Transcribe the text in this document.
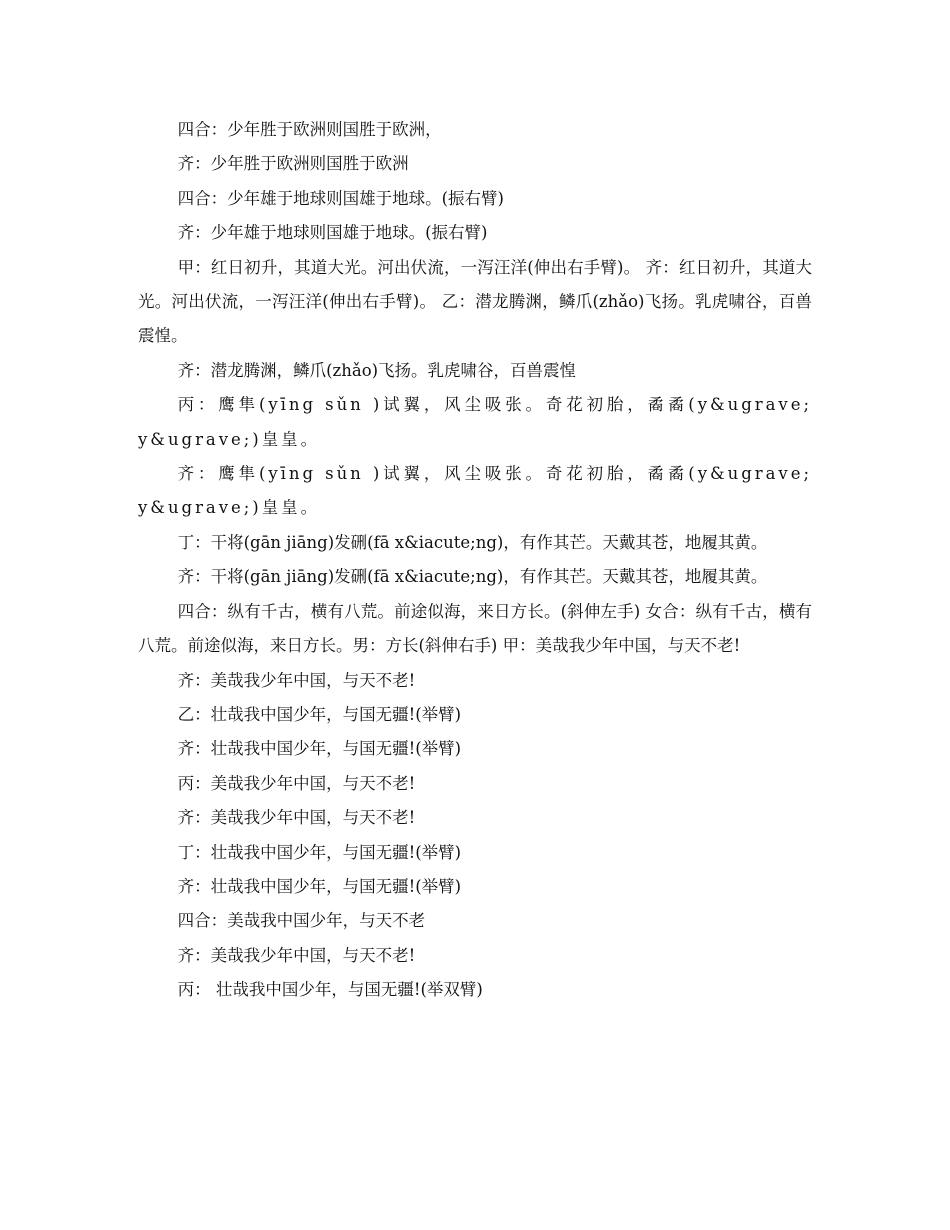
四合：少年胜于欧洲则国胜于欧洲，

齐：少年胜于欧洲则国胜于欧洲

四合：少年雄于地球则国雄于地球。(振右臂)

齐：少年雄于地球则国雄于地球。(振右臂)

甲：红日初升，其道大光。河出伏流，一泻汪洋(伸出右手臂)。 齐：红日初升，其道大光。河出伏流，一泻汪洋(伸出右手臂)。 乙：潜龙腾渊，鳞爪(zhǎo)飞扬。乳虎啸谷，百兽震惶。

齐：潜龙腾渊，鳞爪(zhǎo)飞扬。乳虎啸谷，百兽震惶

丙：鹰隼(yīng sǔn )试翼，风尘吸张。奇花初胎，矞矞(y&ugrave; y&ugrave;)皇皇。

齐：鹰隼(yīng sǔn )试翼，风尘吸张。奇花初胎，矞矞(y&ugrave; y&ugrave;)皇皇。

丁：干将(gān jiāng)发硎(fā x&iacute;ng)，有作其芒。天戴其苍，地履其黄。

齐：干将(gān jiāng)发硎(fā x&iacute;ng)，有作其芒。天戴其苍，地履其黄。

四合：纵有千古，横有八荒。前途似海，来日方长。(斜伸左手) 女合：纵有千古，横有八荒。前途似海，来日方长。男：方长(斜伸右手) 甲：美哉我少年中国，与天不老!

齐：美哉我少年中国，与天不老!

乙：壮哉我中国少年，与国无疆!(举臂)

齐：壮哉我中国少年，与国无疆!(举臂)

丙：美哉我少年中国，与天不老!

齐：美哉我少年中国，与天不老!

丁：壮哉我中国少年，与国无疆!(举臂)

齐：壮哉我中国少年，与国无疆!(举臂)

四合：美哉我中国少年，与天不老

齐：美哉我少年中国，与天不老!

丙： 壮哉我中国少年，与国无疆!(举双臂)
